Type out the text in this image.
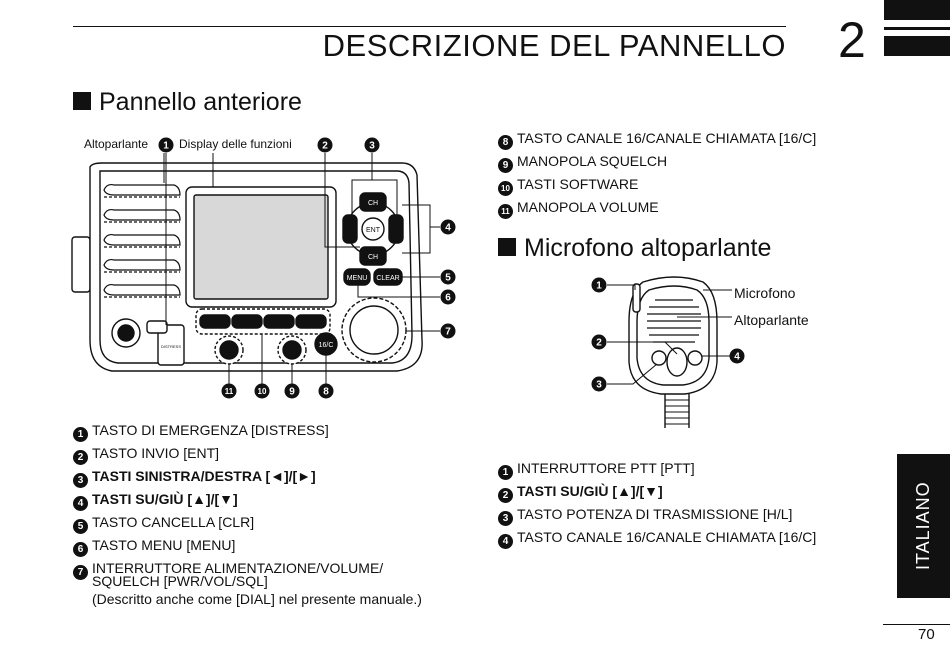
DESCRIZIONE DEL PANNELLO 2
Pannello anteriore
Microfono altoparlante
Altoparlante	Display delle funzioni
CH
CH
MENU CLEAR
16/C
ENT
DISTRESS
1	2	3
4
5
6
7
8
9
10
11
1 TASTO DI EMERGENZA [DISTRESS]
2 TASTO INVIO [ENT]
3 TASTI SINISTRA/DESTRA [◄]/[►]
4 TASTI SU/GIÙ [▲]/[▼]
5 TASTO CANCELLA [CLR]
6 TASTO MENU [MENU]
7 INTERRUTTORE ALIMENTAZIONE/VOLUME/
SQUELCH [PWR/VOL/SQL]
(Descritto anche come [DIAL] nel presente manuale.)
8 TASTO CANALE 16/CANALE CHIAMATA [16/C]
9 MANOPOLA SQUELCH
10 TASTI SOFTWARE
11 MANOPOLA VOLUME
Microfono
Altoparlante
1
2
3
4
1 INTERRUTTORE PTT [PTT]
2 TASTI SU/GIÙ [▲]/[▼]
3 TASTO POTENZA DI TRASMISSIONE [H/L]
4 TASTO CANALE 16/CANALE CHIAMATA [16/C]	ITALIANO
70
